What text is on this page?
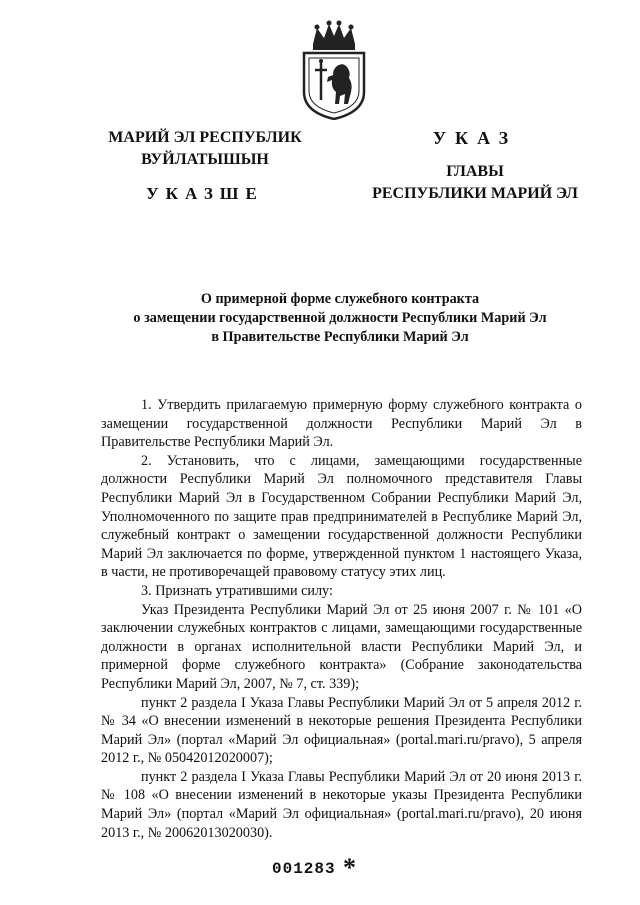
МАРИЙ ЭЛ РЕСПУБЛИК
ВУЙЛАТЫШЫН
УКАЗШЕ
УКАЗ
ГЛАВЫ
РЕСПУБЛИКИ МАРИЙ ЭЛ
О примерной форме служебного контракта
о замещении государственной должности Республики Марий Эл
в Правительстве Республики Марий Эл

1. Утвердить прилагаемую примерную форму служебного контракта о замещении государственной должности Республики Марий Эл в Правительстве Республики Марий Эл.

2. Установить, что с лицами, замещающими государственные должности Республики Марий Эл полномочного представителя Главы Республики Марий Эл в Государственном Собрании Республики Марий Эл, Уполномоченного по защите прав предпринимателей в Республике Марий Эл, служебный контракт о замещении государственной должности Республики Марий Эл заключается по форме, утвержденной пунктом 1 настоящего Указа, в части, не противоречащей правовому статусу этих лиц.

3. Признать утратившими силу:

Указ Президента Республики Марий Эл от 25 июня 2007 г. № 101 «О заключении служебных контрактов с лицами, замещающими государственные должности в органах исполнительной власти Республики Марий Эл, и примерной форме служебного контракта» (Собрание законодательства Республики Марий Эл, 2007, № 7, ст. 339);

пункт 2 раздела I Указа Главы Республики Марий Эл от 5 апреля 2012 г. № 34 «О внесении изменений в некоторые решения Президента Республики Марий Эл» (портал «Марий Эл официальная» (portal.mari.ru/pravo), 5 апреля 2012 г., № 05042012020007);

пункт 2 раздела I Указа Главы Республики Марий Эл от 20 июня 2013 г. № 108 «О внесении изменений в некоторые указы Президента Республики Марий Эл» (портал «Марий Эл официальная» (portal.mari.ru/pravo), 20 июня 2013 г., № 20062013020030).

001283 *
